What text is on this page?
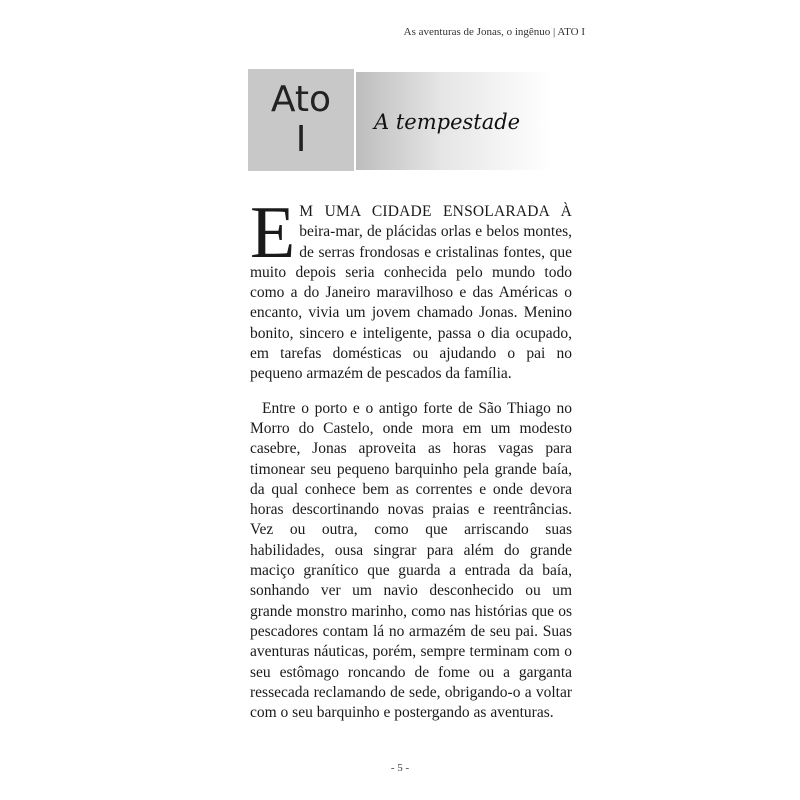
As aventuras de Jonas, o ingênuo | ATO I
Ato
I	A tempestade

E M UMA CIDADE ENSOLARADA À beira-mar, de plácidas orlas e belos montes, de serras frondosas e cristalinas fontes, que muito depois seria conhecida pelo mundo todo como a do Janeiro maravilhoso e das Américas o encanto, vivia um jovem chamado Jonas. Menino bonito, sincero e inteligente, passa o dia ocupado, em tarefas domésticas ou ajudando o pai no pequeno armazém de pescados da família.

Entre o porto e o antigo forte de São Thiago no Morro do Castelo, onde mora em um modesto casebre, Jonas aproveita as horas vagas para timonear seu pequeno barquinho pela grande baía, da qual conhece bem as correntes e onde devora horas descortinando novas praias e reentrâncias. Vez ou outra, como que arriscando suas habilidades, ousa singrar para além do grande maciço granítico que guarda a entrada da baía, sonhando ver um navio desconhecido ou um grande monstro marinho, como nas histórias que os pescadores contam lá no armazém de seu pai. Suas aventuras náuticas, porém, sempre terminam com o seu estômago roncando de fome ou a garganta ressecada reclamando de sede, obrigando-o a voltar com o seu barquinho e postergando as aventuras.

- 5 -
